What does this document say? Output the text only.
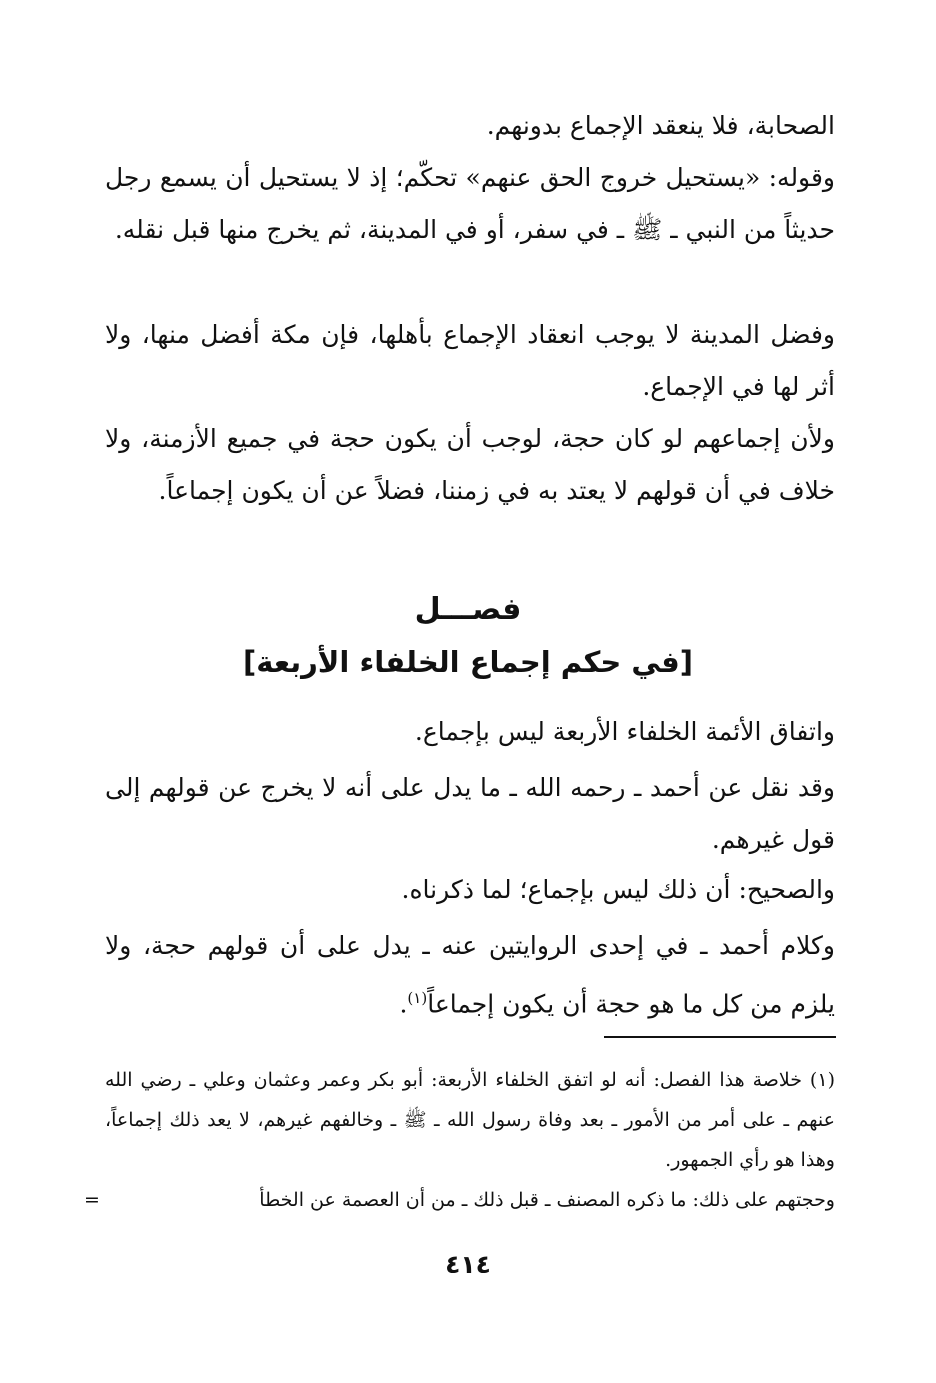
الصحابة، فلا ينعقد الإجماع بدونهم.

وقوله: «يستحيل خروج الحق عنهم» تحكّم؛ إذ لا يستحيل أن يسمع رجل حديثاً من النبي ـ ﷺ ـ في سفر، أو في المدينة، ثم يخرج منها قبل نقله.

وفضل المدينة لا يوجب انعقاد الإجماع بأهلها، فإن مكة أفضل منها، ولا أثر لها في الإجماع.

ولأن إجماعهم لو كان حجة، لوجب أن يكون حجة في جميع الأزمنة، ولا خلاف في أن قولهم لا يعتد به في زمننا، فضلاً عن أن يكون إجماعاً.

فصـــل
[في حكم إجماع الخلفاء الأربعة]

واتفاق الأئمة الخلفاء الأربعة ليس بإجماع.

وقد نقل عن أحمد ـ رحمه الله ـ ما يدل على أنه لا يخرج عن قولهم إلى قول غيرهم.

والصحيح: أن ذلك ليس بإجماع؛ لما ذكرناه.

وكلام أحمد ـ في إحدى الروايتين عنه ـ يدل على أن قولهم حجة، ولا يلزم من كل ما هو حجة أن يكون إجماعاً$^{(١)}$.

(١) خلاصة هذا الفصل: أنه لو اتفق الخلفاء الأربعة: أبو بكر وعمر وعثمان وعلي ـ رضي الله عنهم ـ على أمر من الأمور ـ بعد وفاة رسول الله ـ ﷺ ـ وخالفهم غيرهم، لا يعد ذلك إجماعاً، وهذا هو رأي الجمهور.

وحجتهم على ذلك: ما ذكره المصنف ـ قبل ذلك ـ من أن العصمة عن الخطأ

=
٤١٤
